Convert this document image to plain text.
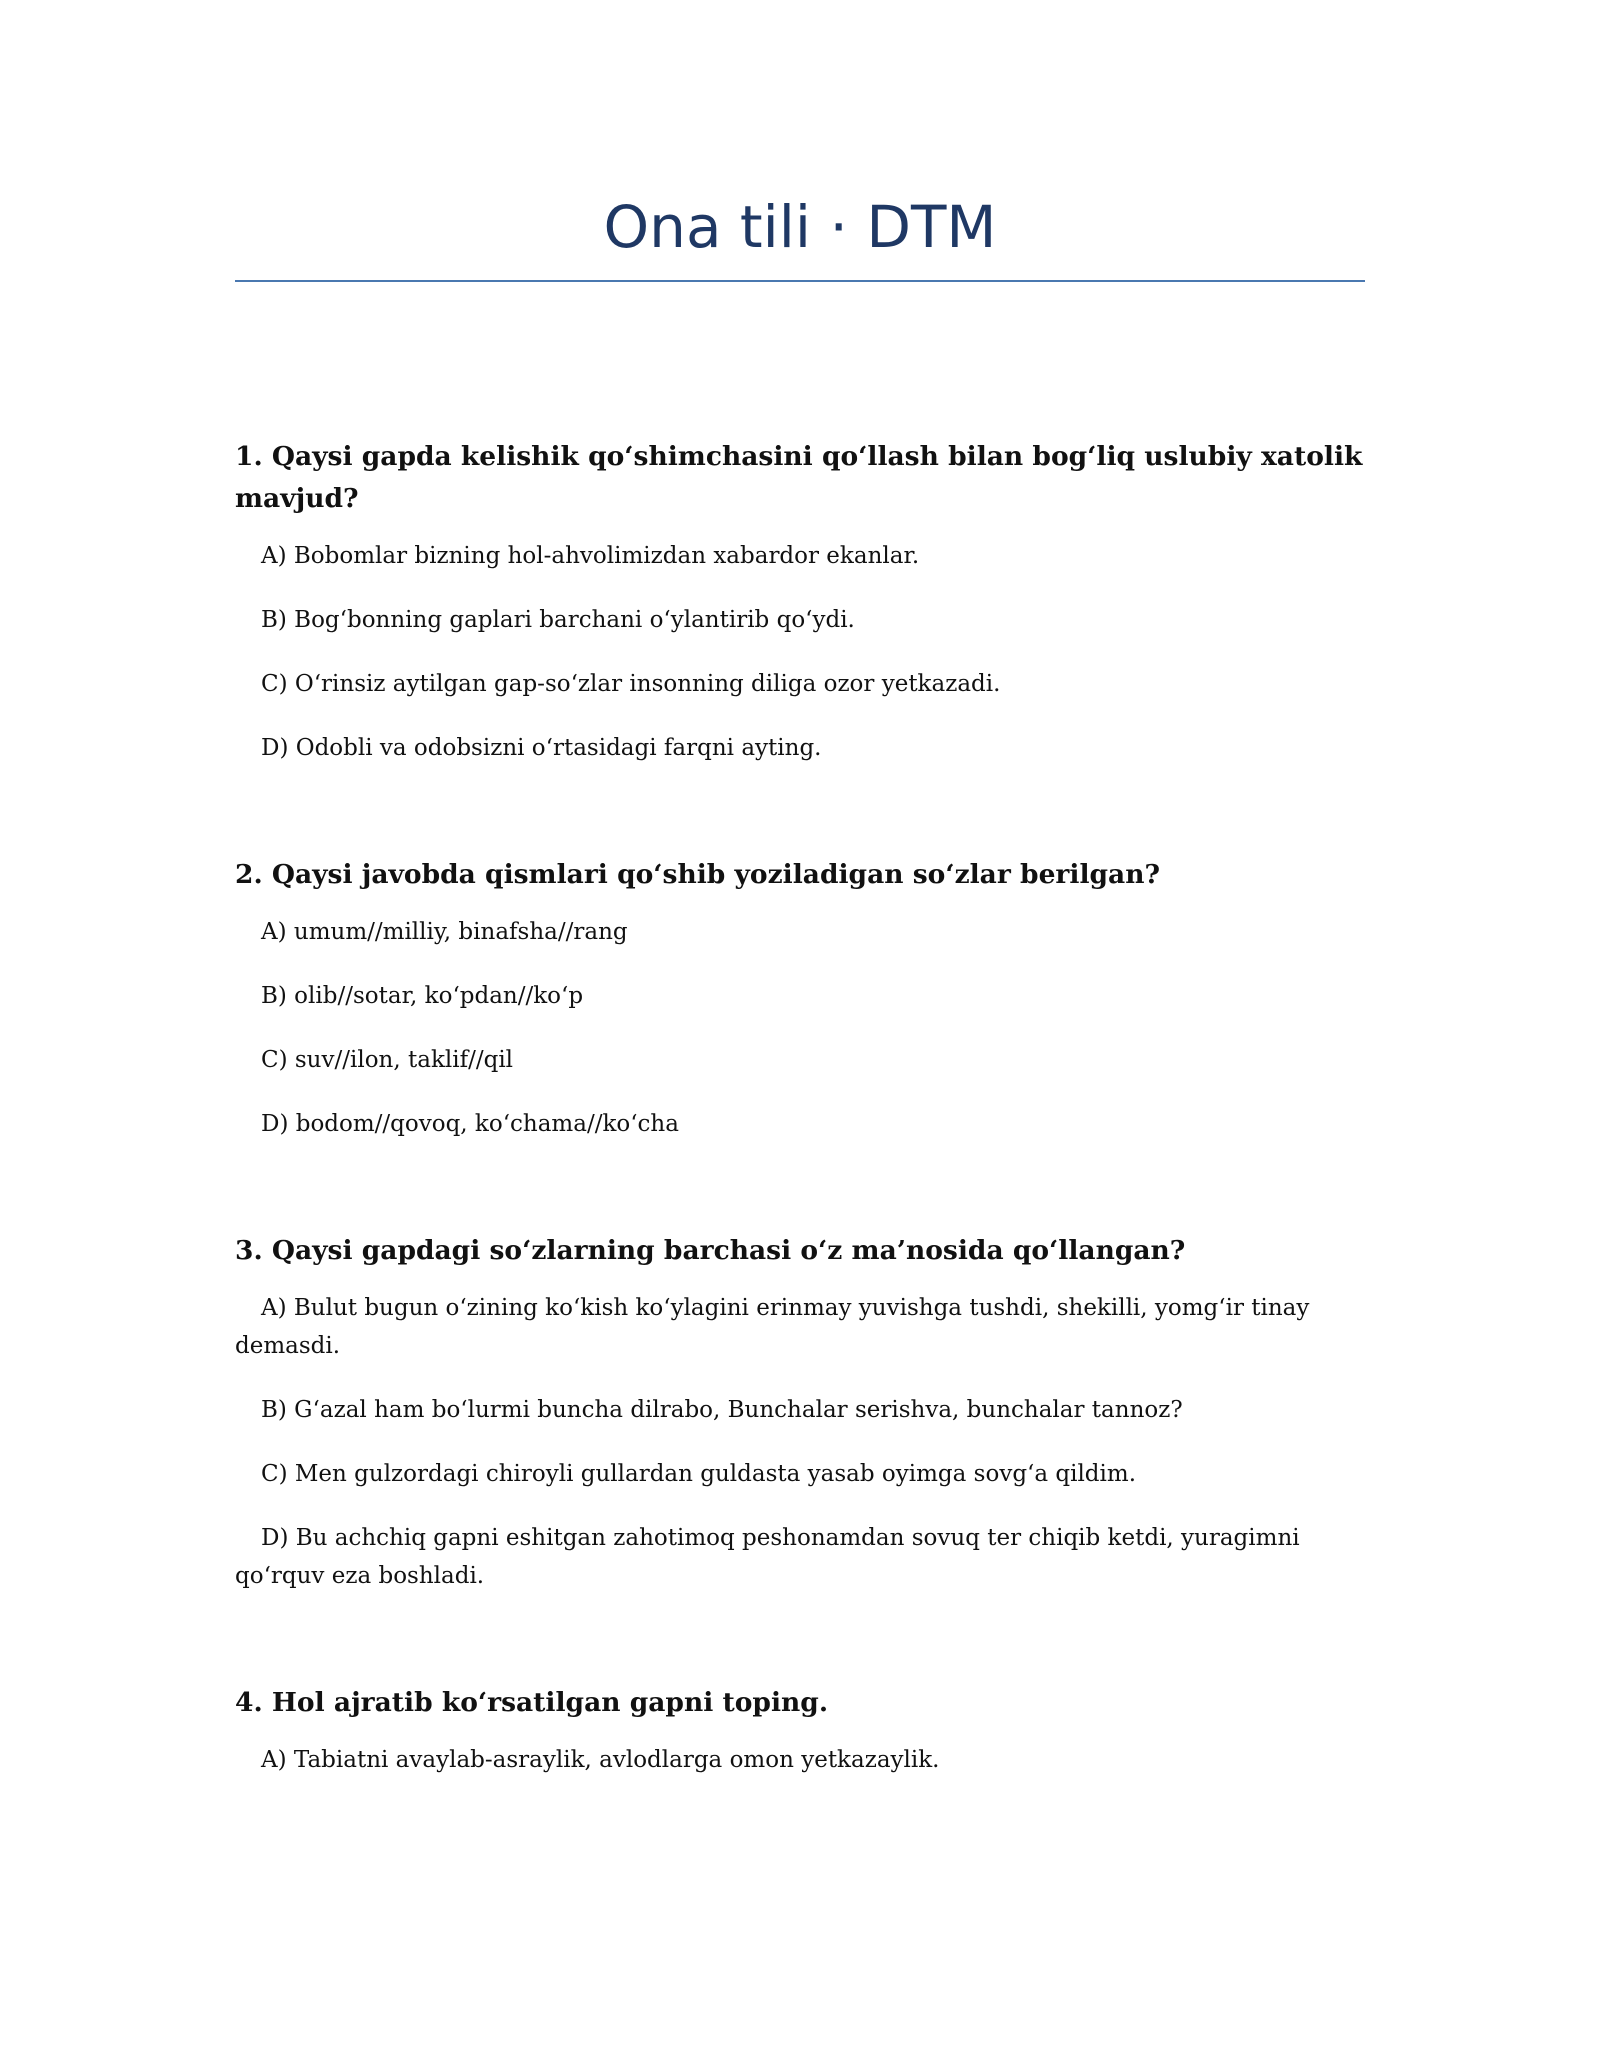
Ona tili · DTM

1. Qaysi gapda kelishik qo‘shimchasini qo‘llash bilan bog‘liq uslubiy xatolik mavjud?

A) Bobomlar bizning hol-ahvolimizdan xabardor ekanlar.

B) Bog‘bonning gaplari barchani o‘ylantirib qo‘ydi.

C) O‘rinsiz aytilgan gap-so‘zlar insonning diliga ozor yetkazadi.

D) Odobli va odobsizni o‘rtasidagi farqni ayting.

2. Qaysi javobda qismlari qo‘shib yoziladigan so‘zlar berilgan?

A) umum//milliy, binafsha//rang

B) olib//sotar, ko‘pdan//ko‘p

C) suv//ilon, taklif//qil

D) bodom//qovoq, ko‘chama//ko‘cha

3. Qaysi gapdagi so‘zlarning barchasi o‘z ma’nosida qo‘llangan?

A) Bulut bugun o‘zining ko‘kish ko‘ylagini erinmay yuvishga tushdi, shekilli, yomg‘ir tinay demasdi.

B) G‘azal ham bo‘lurmi buncha dilrabo, Bunchalar serishva, bunchalar tannoz?

C) Men gulzordagi chiroyli gullardan guldasta yasab oyimga sovg‘a qildim.

D) Bu achchiq gapni eshitgan zahotimoq peshonamdan sovuq ter chiqib ketdi, yuragimni qo‘rquv eza boshladi.

4. Hol ajratib ko‘rsatilgan gapni toping.

A) Tabiatni avaylab-asraylik, avlodlarga omon yetkazaylik.
